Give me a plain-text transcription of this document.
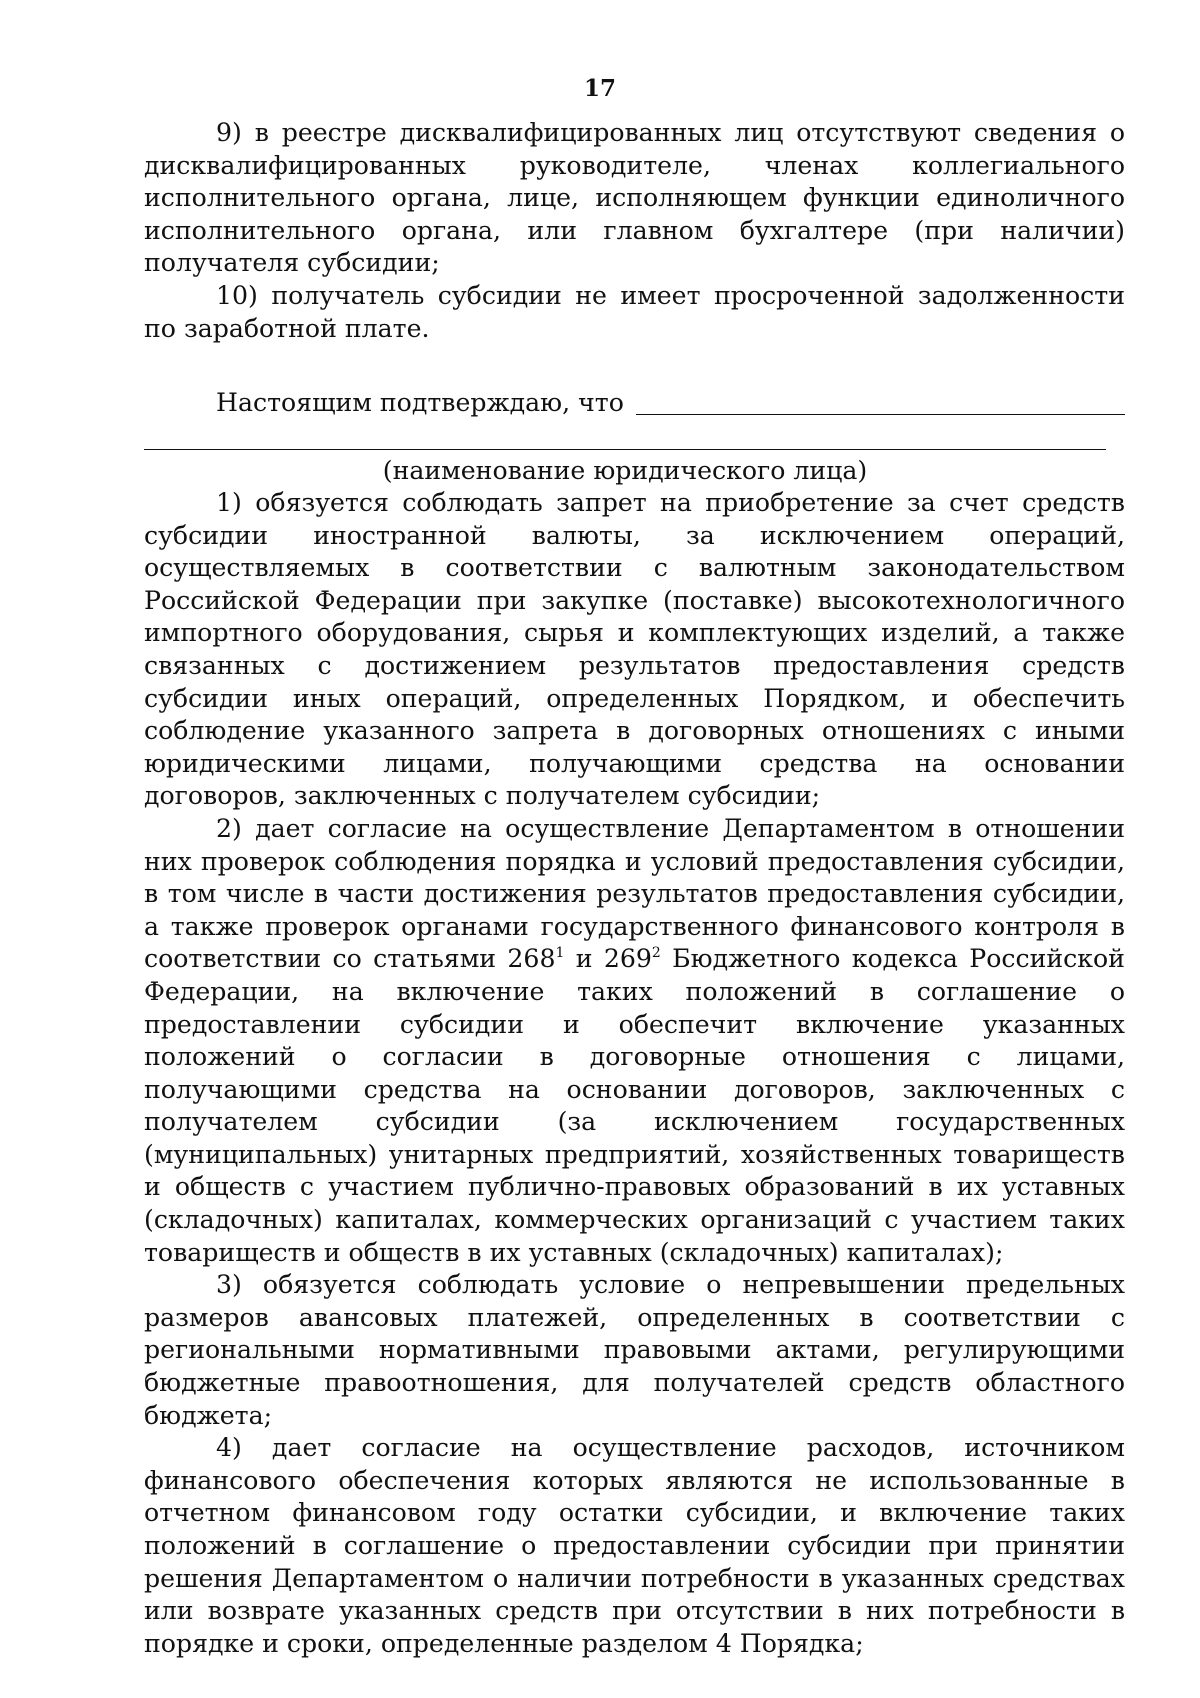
17

9) в реестре дисквалифицированных лиц отсутствуют сведения о дисквалифицированных руководителе, членах коллегиального исполнительного органа, лице, исполняющем функции единоличного исполнительного органа, или главном бухгалтере (при наличии) получателя субсидии;

10) получатель субсидии не имеет просроченной задолженности по заработной плате.

Настоящим подтверждаю, что
(наименование юридического лица)

1) обязуется соблюдать запрет на приобретение за счет средств субсидии иностранной валюты, за исключением операций, осуществляемых в соответствии с валютным законодательством Российской Федерации при закупке (поставке) высокотехнологичного импортного оборудования, сырья и комплектующих изделий, а также связанных с достижением результатов предоставления средств субсидии иных операций, определенных Порядком, и обеспечить соблюдение указанного запрета в договорных отношениях с иными юридическими лицами, получающими средства на основании договоров, заключенных с получателем субсидии;

2) дает согласие на осуществление Департаментом в отношении них проверок соблюдения порядка и условий предоставления субсидии, в том числе в части достижения результатов предоставления субсидии, а также проверок органами государственного финансового контроля в соответствии со статьями $268^1$ и $269^2$ Бюджетного кодекса Российской Федерации, на включение таких положений в соглашение о предоставлении субсидии и обеспечит включение указанных положений о согласии в договорные отношения с лицами, получающими средства на основании договоров, заключенных с получателем субсидии (за исключением государственных (муниципальных) унитарных предприятий, хозяйственных товариществ и обществ с участием публично-правовых образований в их уставных (складочных) капиталах, коммерческих организаций с участием таких товариществ и обществ в их уставных (складочных) капиталах);

3) обязуется соблюдать условие о непревышении предельных размеров авансовых платежей, определенных в соответствии с региональными нормативными правовыми актами, регулирующими бюджетные правоотношения, для получателей средств областного бюджета;

4) дает согласие на осуществление расходов, источником финансового обеспечения которых являются не использованные в отчетном финансовом году остатки субсидии, и включение таких положений в соглашение о предоставлении субсидии при принятии решения Департаментом о наличии потребности в указанных средствах или возврате указанных средств при отсутствии в них потребности в порядке и сроки, определенные разделом 4 Порядка;
